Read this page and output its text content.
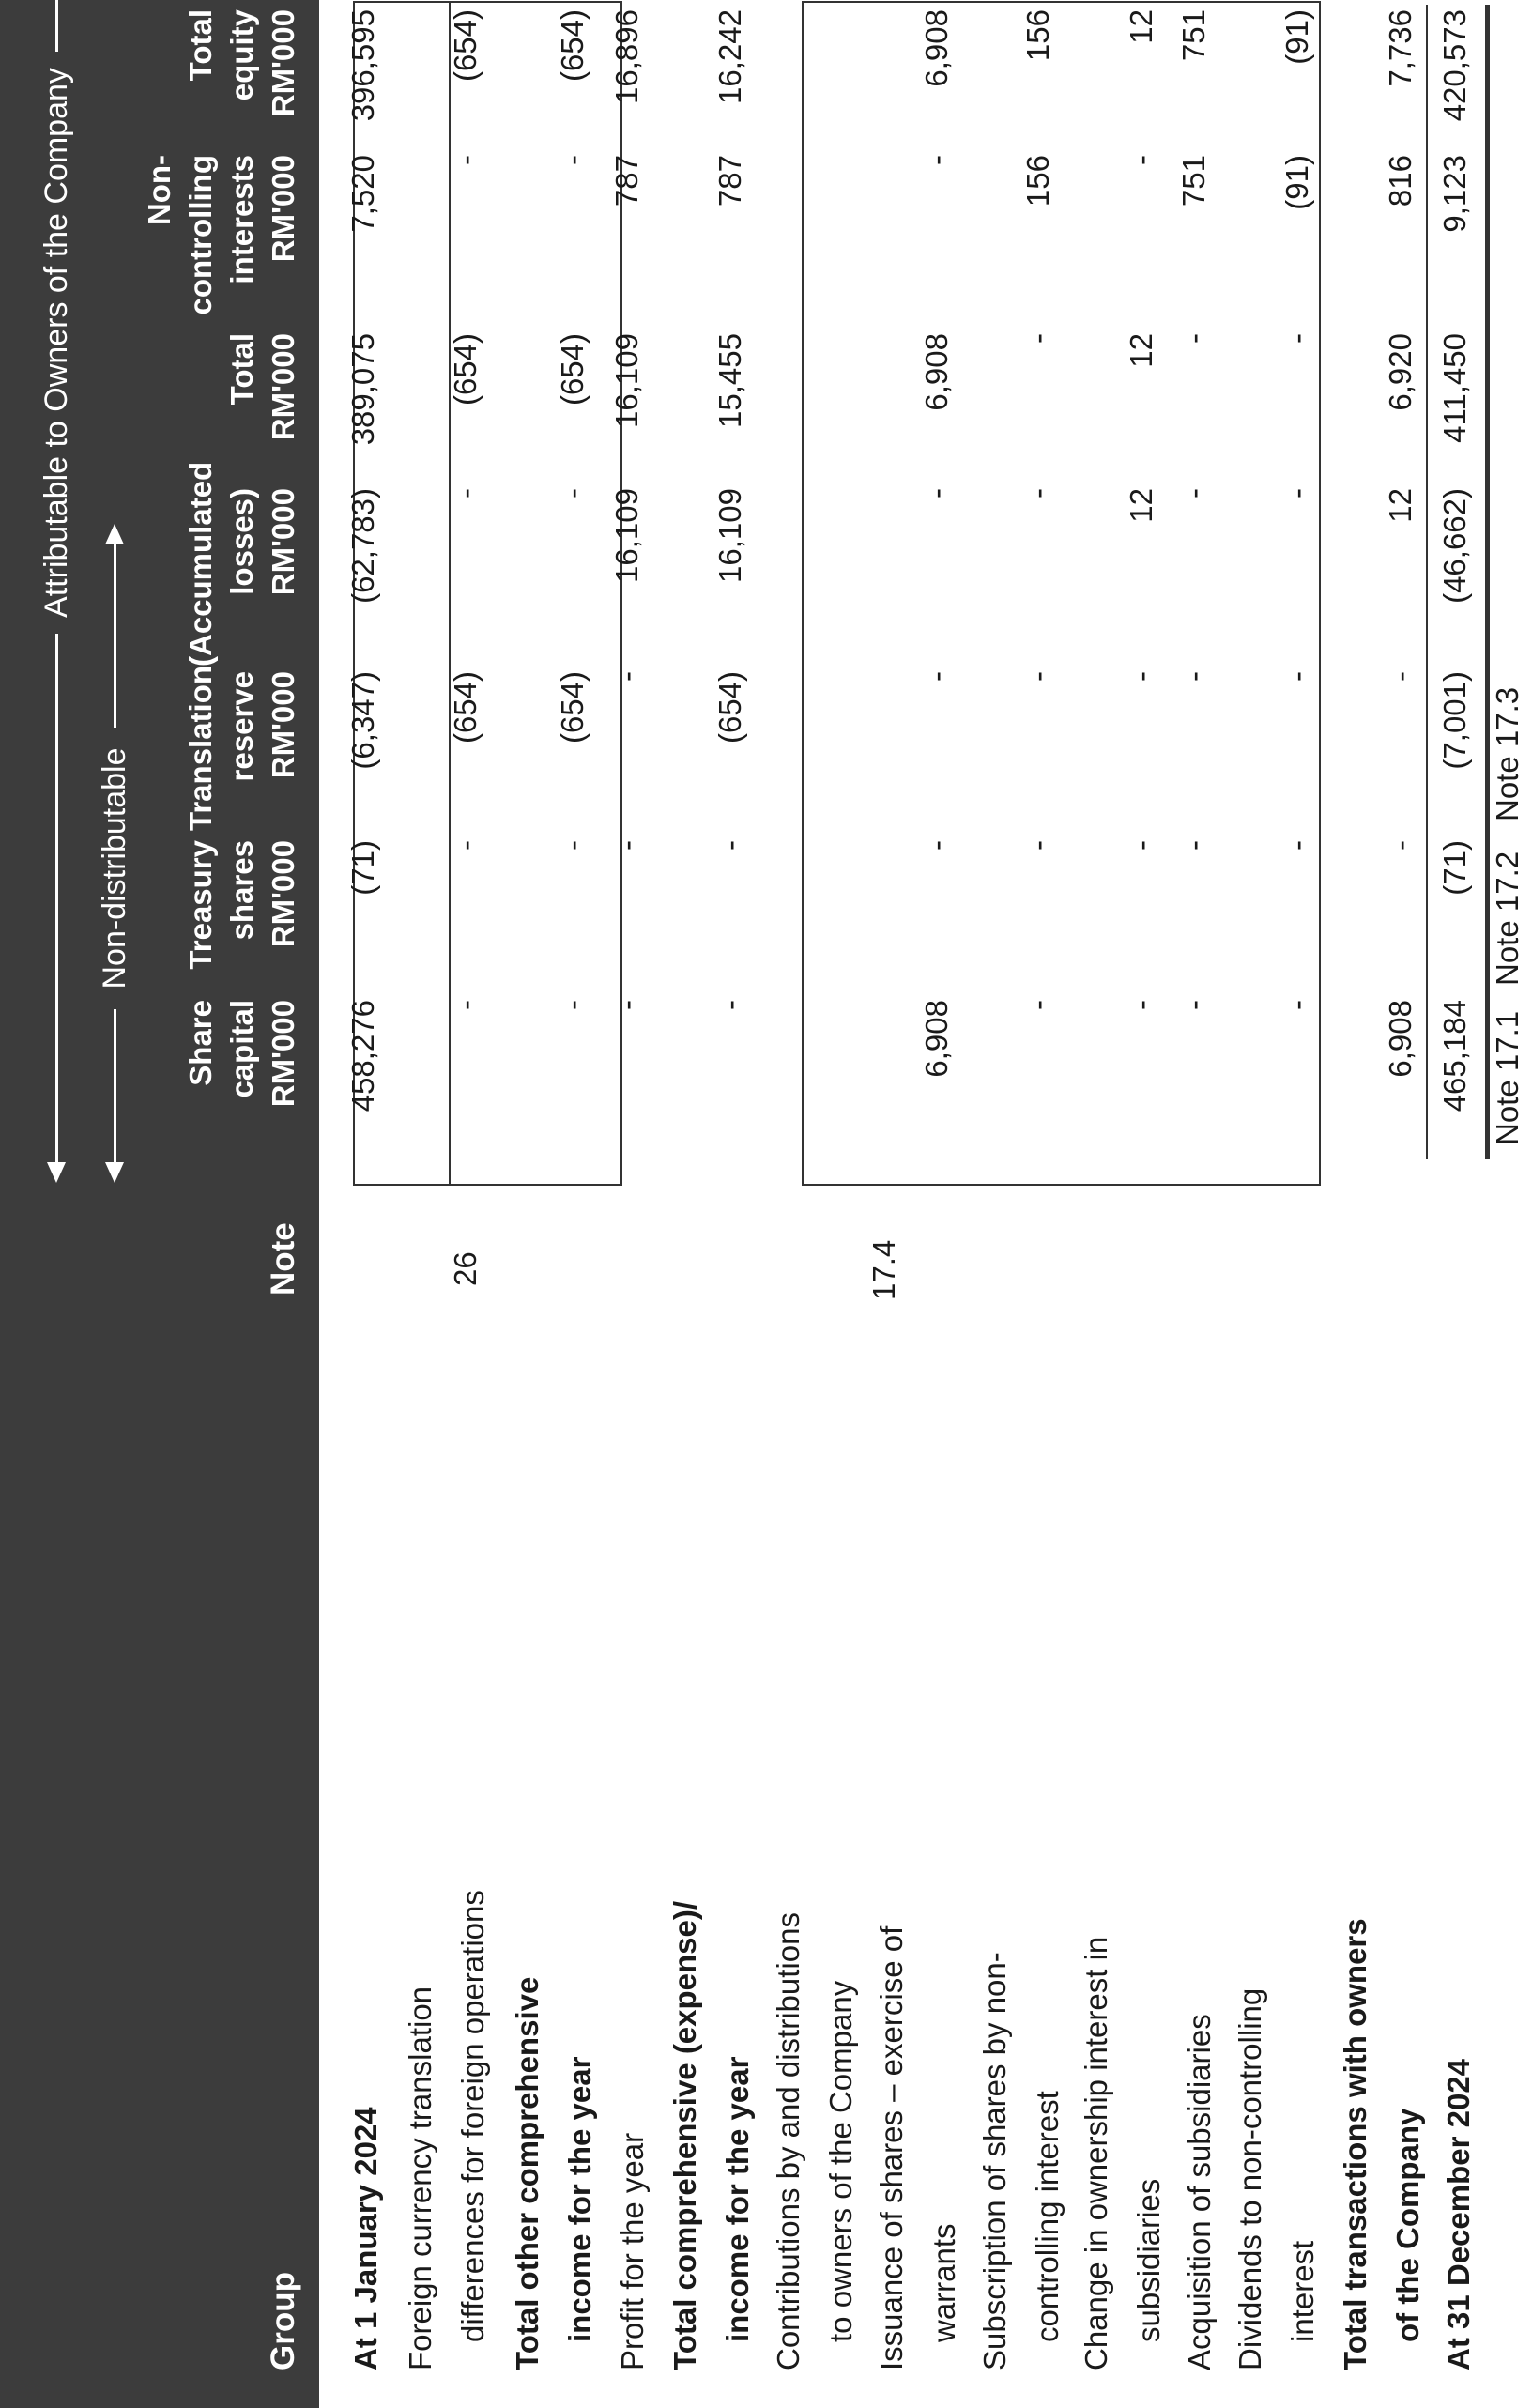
Attributable to Owners of the Company
Non-distributable
Group
Note
Share capital RM'000
Treasury shares RM'000
Translation reserve RM'000
(Accumulated losses) RM'000
Total RM'000
Non- controlling interests RM'000
Total equity RM'000
At 1 January 2024 Foreign currency translation differences for foreign operations
26
Total other comprehensive income for the year Profit for the year Total comprehensive (expense)/ income for the year Contributions by and distributions to owners of the Company Issuance of shares – exercise of warrants
17.4
Subscription of shares by non- controlling interest Change in ownership interest in subsidiaries Acquisition of subsidiaries Dividends to non-controlling interest Total transactions with owners of the Company At 31 December 2024
458,276
(71)
(6,347)
(62,783)
389,075
7,520
396,595
-
-
(654)
-
(654)
-
(654)
-
-
(654)
-
(654)
-
(654)
-
-
-
16,109
16,109
787
16,896
-
-
(654)
16,109
15,455
787
16,242
6,908
-
-
-
6,908
-
6,908
-
-
-
-
-
156
156
-
-
-
12
12
-
12
-
-
-
-
-
751
751
-
-
-
-
-
(91)
(91)
6,908
-
-
12
6,920
816
7,736
465,184
(71)
(7,001)
(46,662)
411,450
9,123
420,573
Note 17.1
Note 17.2
Note 17.3
